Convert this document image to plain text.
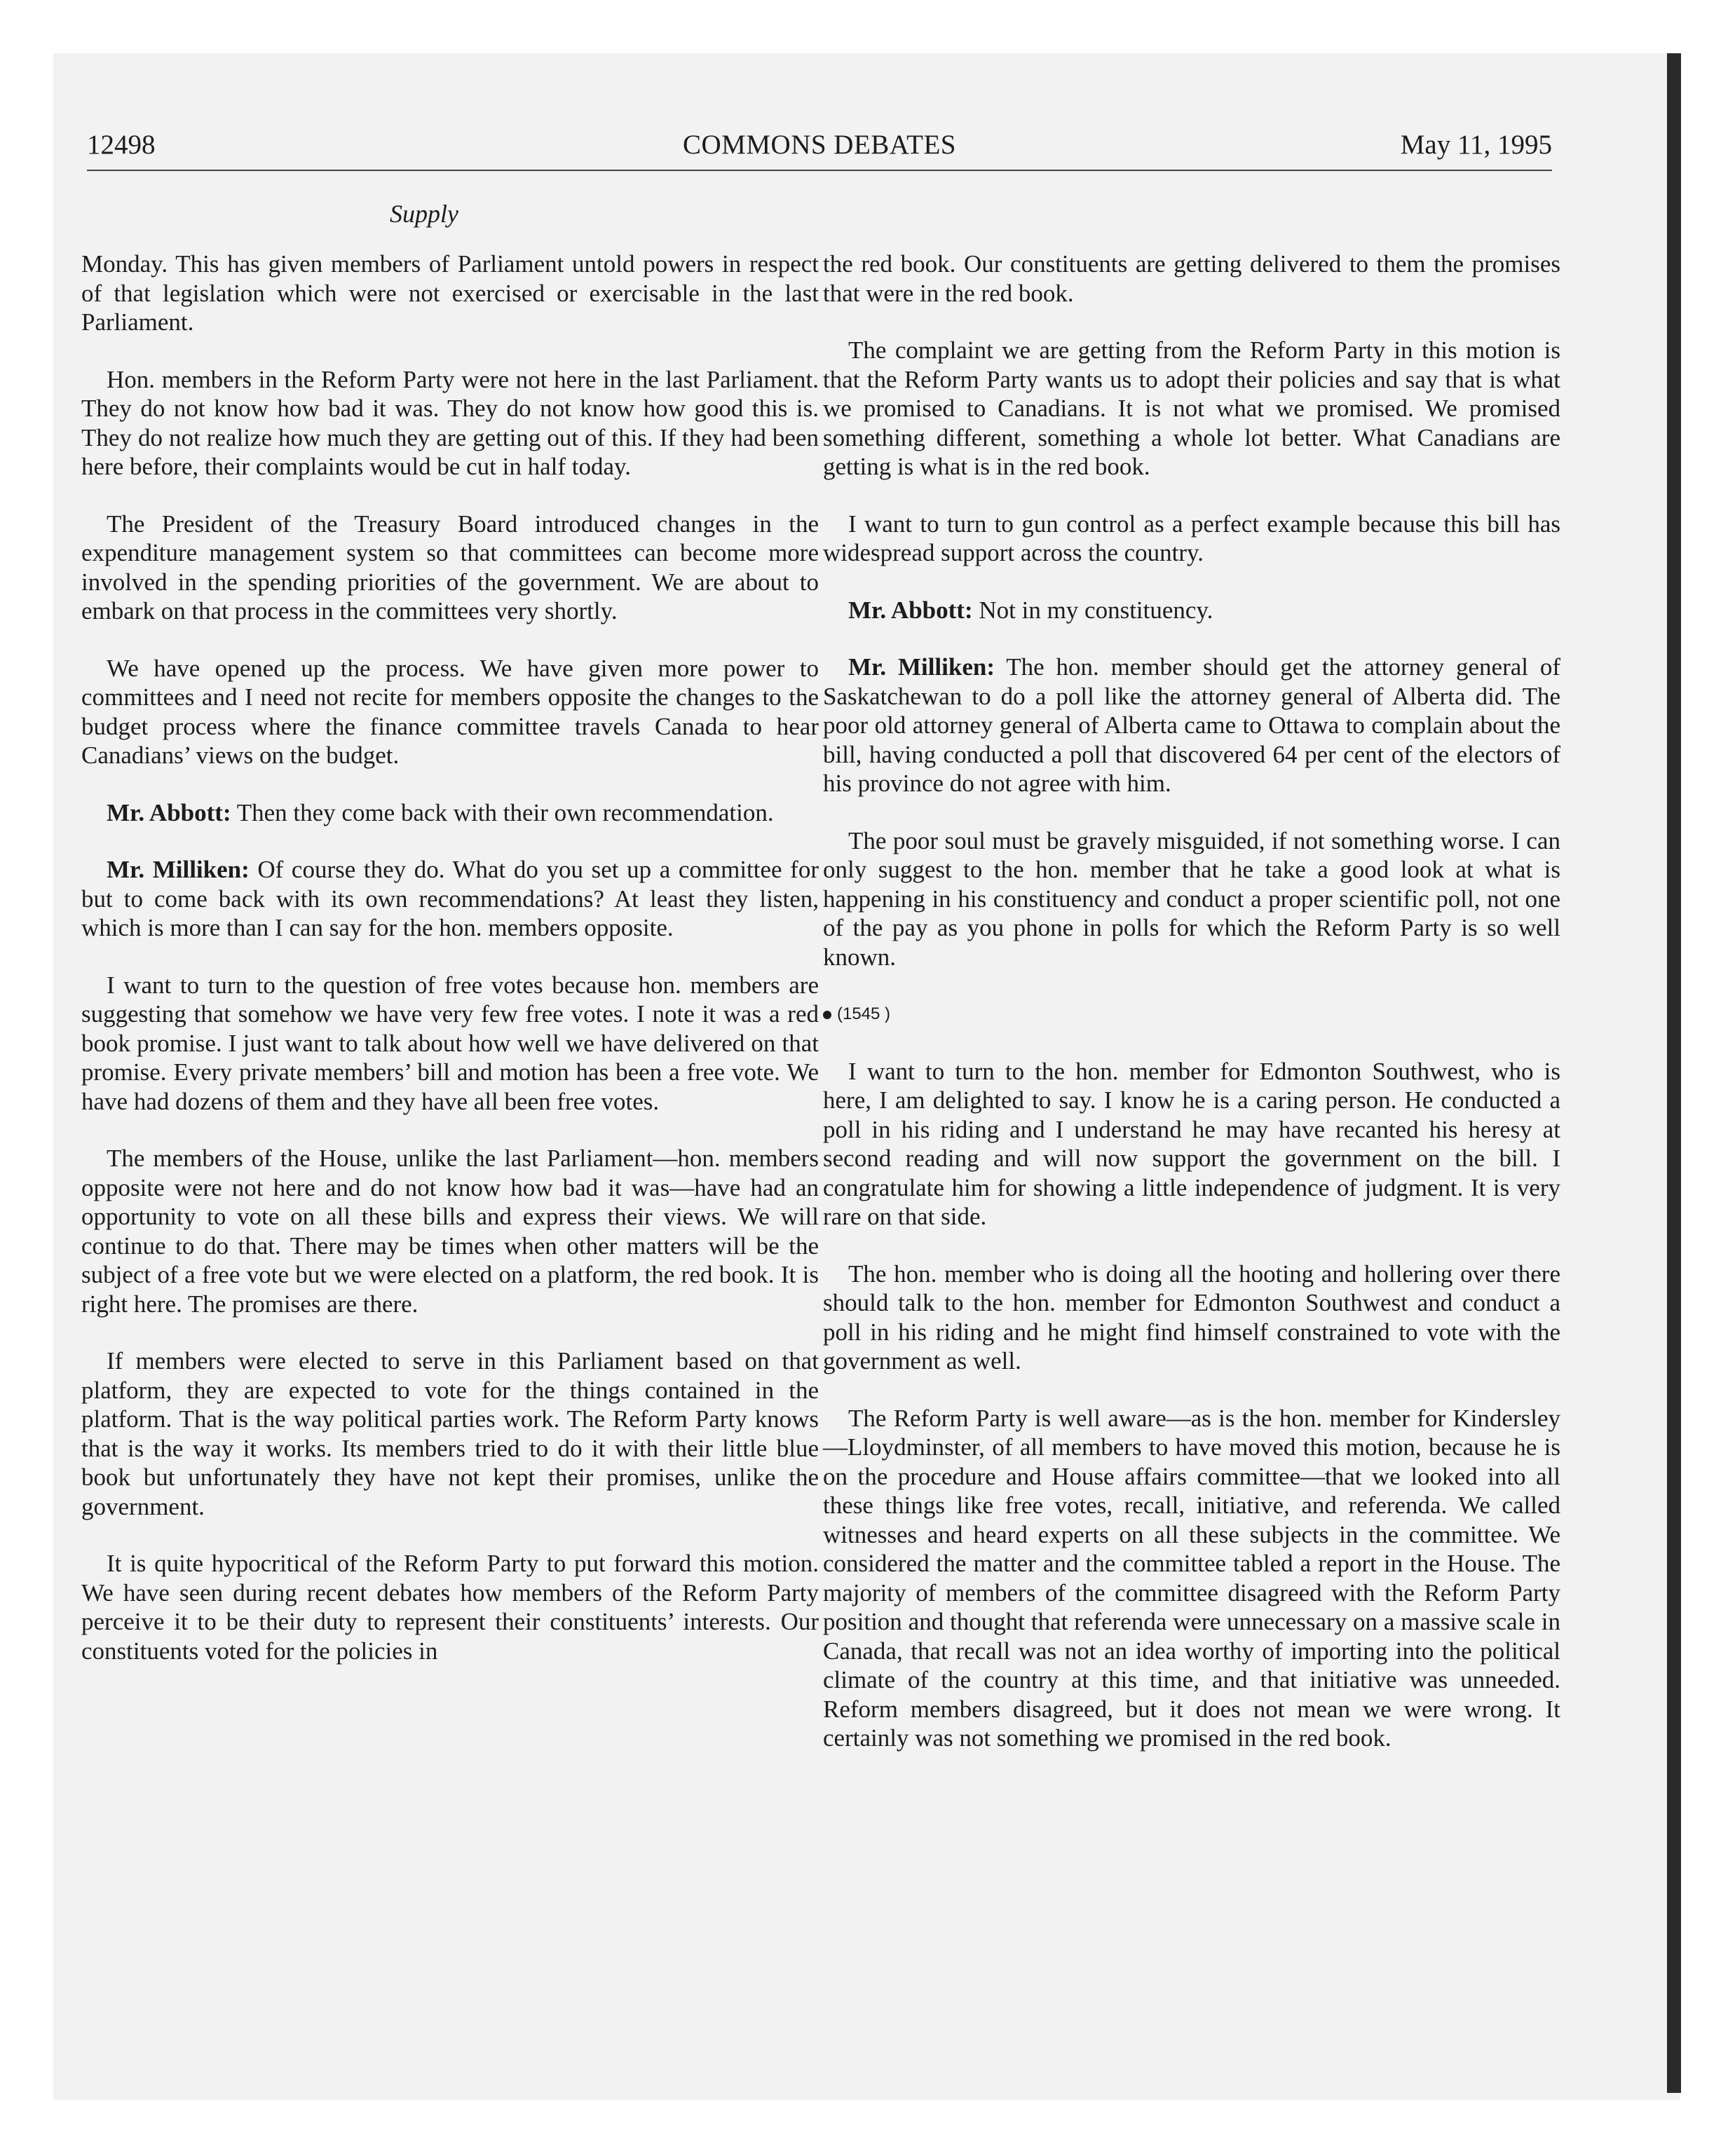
12498	COMMONS DEBATES	May 11, 1995
Supply

Monday. This has given members of Parliament untold powers in respect of that legislation which were not exercised or exercisable in the last Parliament.

Hon. members in the Reform Party were not here in the last Parliament. They do not know how bad it was. They do not know how good this is. They do not realize how much they are getting out of this. If they had been here before, their complaints would be cut in half today.

The President of the Treasury Board introduced changes in the expenditure management system so that committees can become more involved in the spending priorities of the government. We are about to embark on that process in the committees very shortly.

We have opened up the process. We have given more power to committees and I need not recite for members opposite the changes to the budget process where the finance committee travels Canada to hear Canadians’ views on the budget.

Mr. Abbott: Then they come back with their own recommendation.

Mr. Milliken: Of course they do. What do you set up a committee for but to come back with its own recommendations? At least they listen, which is more than I can say for the hon. members opposite.

I want to turn to the question of free votes because hon. members are suggesting that somehow we have very few free votes. I note it was a red book promise. I just want to talk about how well we have delivered on that promise. Every private members’ bill and motion has been a free vote. We have had dozens of them and they have all been free votes.

The members of the House, unlike the last Parliament—hon. members opposite were not here and do not know how bad it was—have had an opportunity to vote on all these bills and express their views. We will continue to do that. There may be times when other matters will be the subject of a free vote but we were elected on a platform, the red book. It is right here. The promises are there.

If members were elected to serve in this Parliament based on that platform, they are expected to vote for the things contained in the platform. That is the way political parties work. The Reform Party knows that is the way it works. Its members tried to do it with their little blue book but unfortunately they have not kept their promises, unlike the government.

It is quite hypocritical of the Reform Party to put forward this motion. We have seen during recent debates how members of the Reform Party perceive it to be their duty to represent their constituents’ interests. Our constituents voted for the policies in

the red book. Our constituents are getting delivered to them the promises that were in the red book.

The complaint we are getting from the Reform Party in this motion is that the Reform Party wants us to adopt their policies and say that is what we promised to Canadians. It is not what we promised. We promised something different, something a whole lot better. What Canadians are getting is what is in the red book.

I want to turn to gun control as a perfect example because this bill has widespread support across the country.

Mr. Abbott: Not in my constituency.

Mr. Milliken: The hon. member should get the attorney general of Saskatchewan to do a poll like the attorney general of Alberta did. The poor old attorney general of Alberta came to Ottawa to complain about the bill, having conducted a poll that discovered 64 per cent of the electors of his province do not agree with him.

The poor soul must be gravely misguided, if not something worse. I can only suggest to the hon. member that he take a good look at what is happening in his constituency and conduct a proper scientific poll, not one of the pay as you phone in polls for which the Reform Party is so well known.

(1545 )

I want to turn to the hon. member for Edmonton Southwest, who is here, I am delighted to say. I know he is a caring person. He conducted a poll in his riding and I understand he may have recanted his heresy at second reading and will now support the government on the bill. I congratulate him for showing a little independence of judgment. It is very rare on that side.

The hon. member who is doing all the hooting and hollering over there should talk to the hon. member for Edmonton Southwest and conduct a poll in his riding and he might find himself constrained to vote with the government as well.

The Reform Party is well aware—as is the hon. member for Kindersley—Lloydminster, of all members to have moved this motion, because he is on the procedure and House affairs committee—that we looked into all these things like free votes, recall, initiative, and referenda. We called witnesses and heard experts on all these subjects in the committee. We considered the matter and the committee tabled a report in the House. The majority of members of the committee disagreed with the Reform Party position and thought that referenda were unnecessary on a massive scale in Canada, that recall was not an idea worthy of importing into the political climate of the country at this time, and that initiative was unneeded. Reform members disagreed, but it does not mean we were wrong. It certainly was not something we promised in the red book.
